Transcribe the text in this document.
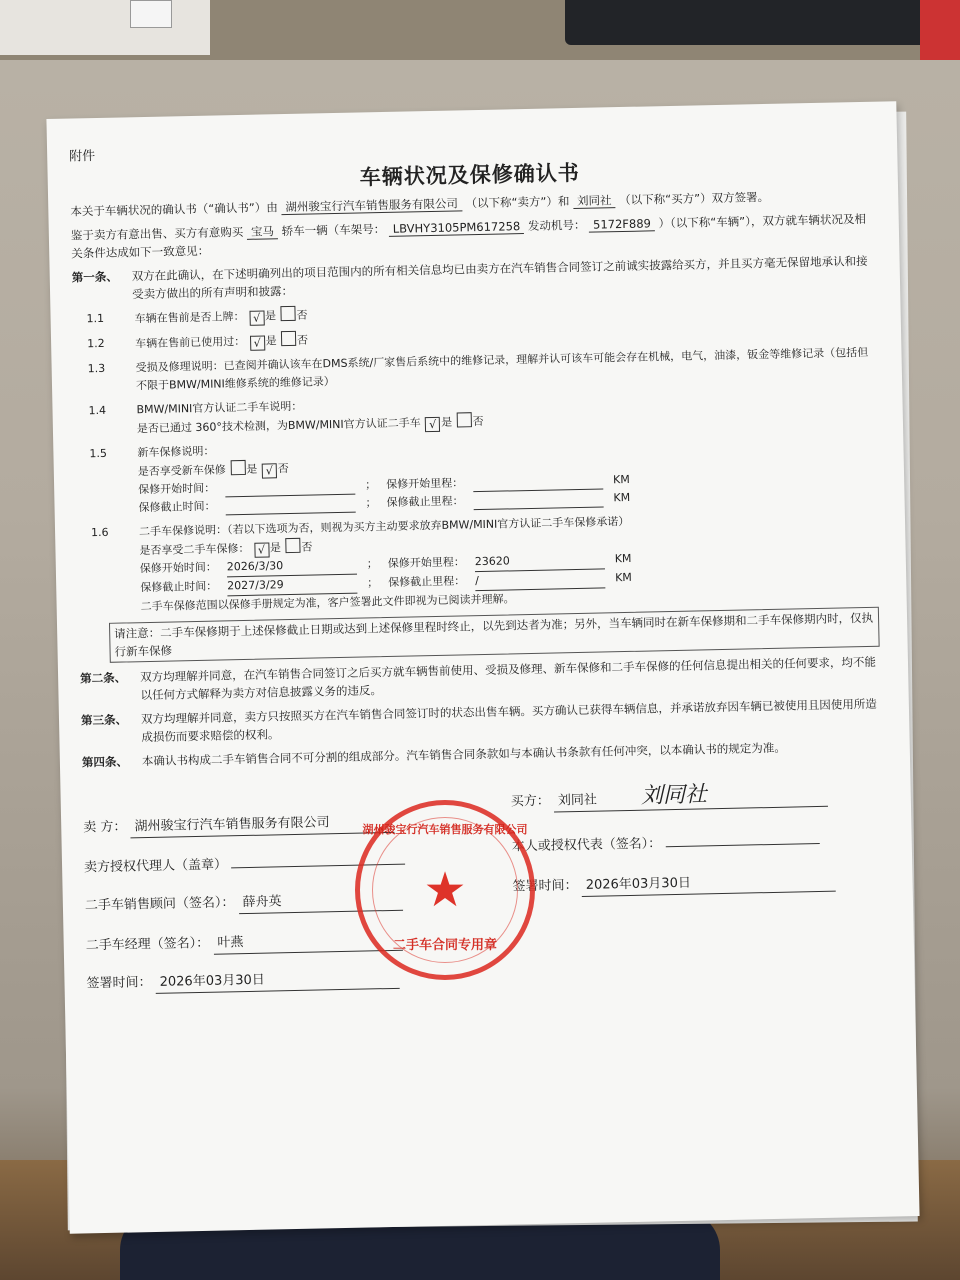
附件
车辆状况及保修确认书

本关于车辆状况的确认书（“确认书”）由 湖州骏宝行汽车销售服务有限公司 （以下称“卖方”）和 刘同社 （以下称“买方”）双方签署。

鉴于卖方有意出售、买方有意购买 宝马 轿车一辆（车架号： LBVHY3105PM617258 发动机号： 5172F889 ）（以下称“车辆”），双方就车辆状况及相关条件达成如下一致意见：

第一条、	双方在此确认，在下述明确列出的项目范围内的所有相关信息均已由卖方在汽车销售合同签订之前诚实披露给买方，并且买方毫无保留地承认和接受卖方做出的所有声明和披露：
1.1	车辆在售前是否上牌： √ 是 否
1.2	车辆在售前已使用过： √ 是 否
1.3	受损及修理说明：已查阅并确认该车在DMS系统/厂家售后系统中的维修记录，理解并认可该车可能会存在机械，电气，油漆，钣金等维修记录（包括但不限于BMW/MINI维修系统的维修记录）
1.4	BMW/MINI官方认证二手车说明：
是否已通过 360°技术检测，为BMW/MINI官方认证二手车 √ 是 否
1.5	新车保修说明：
是否享受新车保修 是 √ 否
保修开始时间：	； 保修开始里程：	KM
保修截止时间：	； 保修截止里程：	KM
1.6	二手车保修说明：（若以下选项为否，则视为买方主动要求放弃BMW/MINI官方认证二手车保修承诺）
是否享受二手车保修： √ 是 否
保修开始时间： 2026/3/30	； 保修开始里程： 23620	KM
保修截止时间： 2027/3/29	； 保修截止里程： /	KM
二手车保修范围以保修手册规定为准，客户签署此文件即视为已阅读并理解。
请注意：二手车保修期于上述保修截止日期或达到上述保修里程时终止，以先到达者为准；另外，当车辆同时在新车保修期和二手车保修期内时，仅执行新车保修
第二条、	双方均理解并同意，在汽车销售合同签订之后买方就车辆售前使用、受损及修理、新车保修和二手车保修的任何信息提出相关的任何要求，均不能以任何方式解释为卖方对信息披露义务的违反。
第三条、	双方均理解并同意，卖方只按照买方在汽车销售合同签订时的状态出售车辆。买方确认已获得车辆信息，并承诺放弃因车辆已被使用且因使用所造成损伤而要求赔偿的权利。
第四条、	本确认书构成二手车销售合同不可分割的组成部分。汽车销售合同条款如与本确认书条款有任何冲突，以本确认书的规定为准。
卖 方： 湖州骏宝行汽车销售服务有限公司
卖方授权代理人（盖章）
二手车销售顾问（签名）： 薛舟英
二手车经理（签名）： 叶燕
签署时间： 2026年03月30日
买方： 刘同社 刘同社
本人或授权代表（签名）：
签署时间： 2026年03月30日
湖州骏宝行汽车销售服务有限公司
★
二手车合同专用章
